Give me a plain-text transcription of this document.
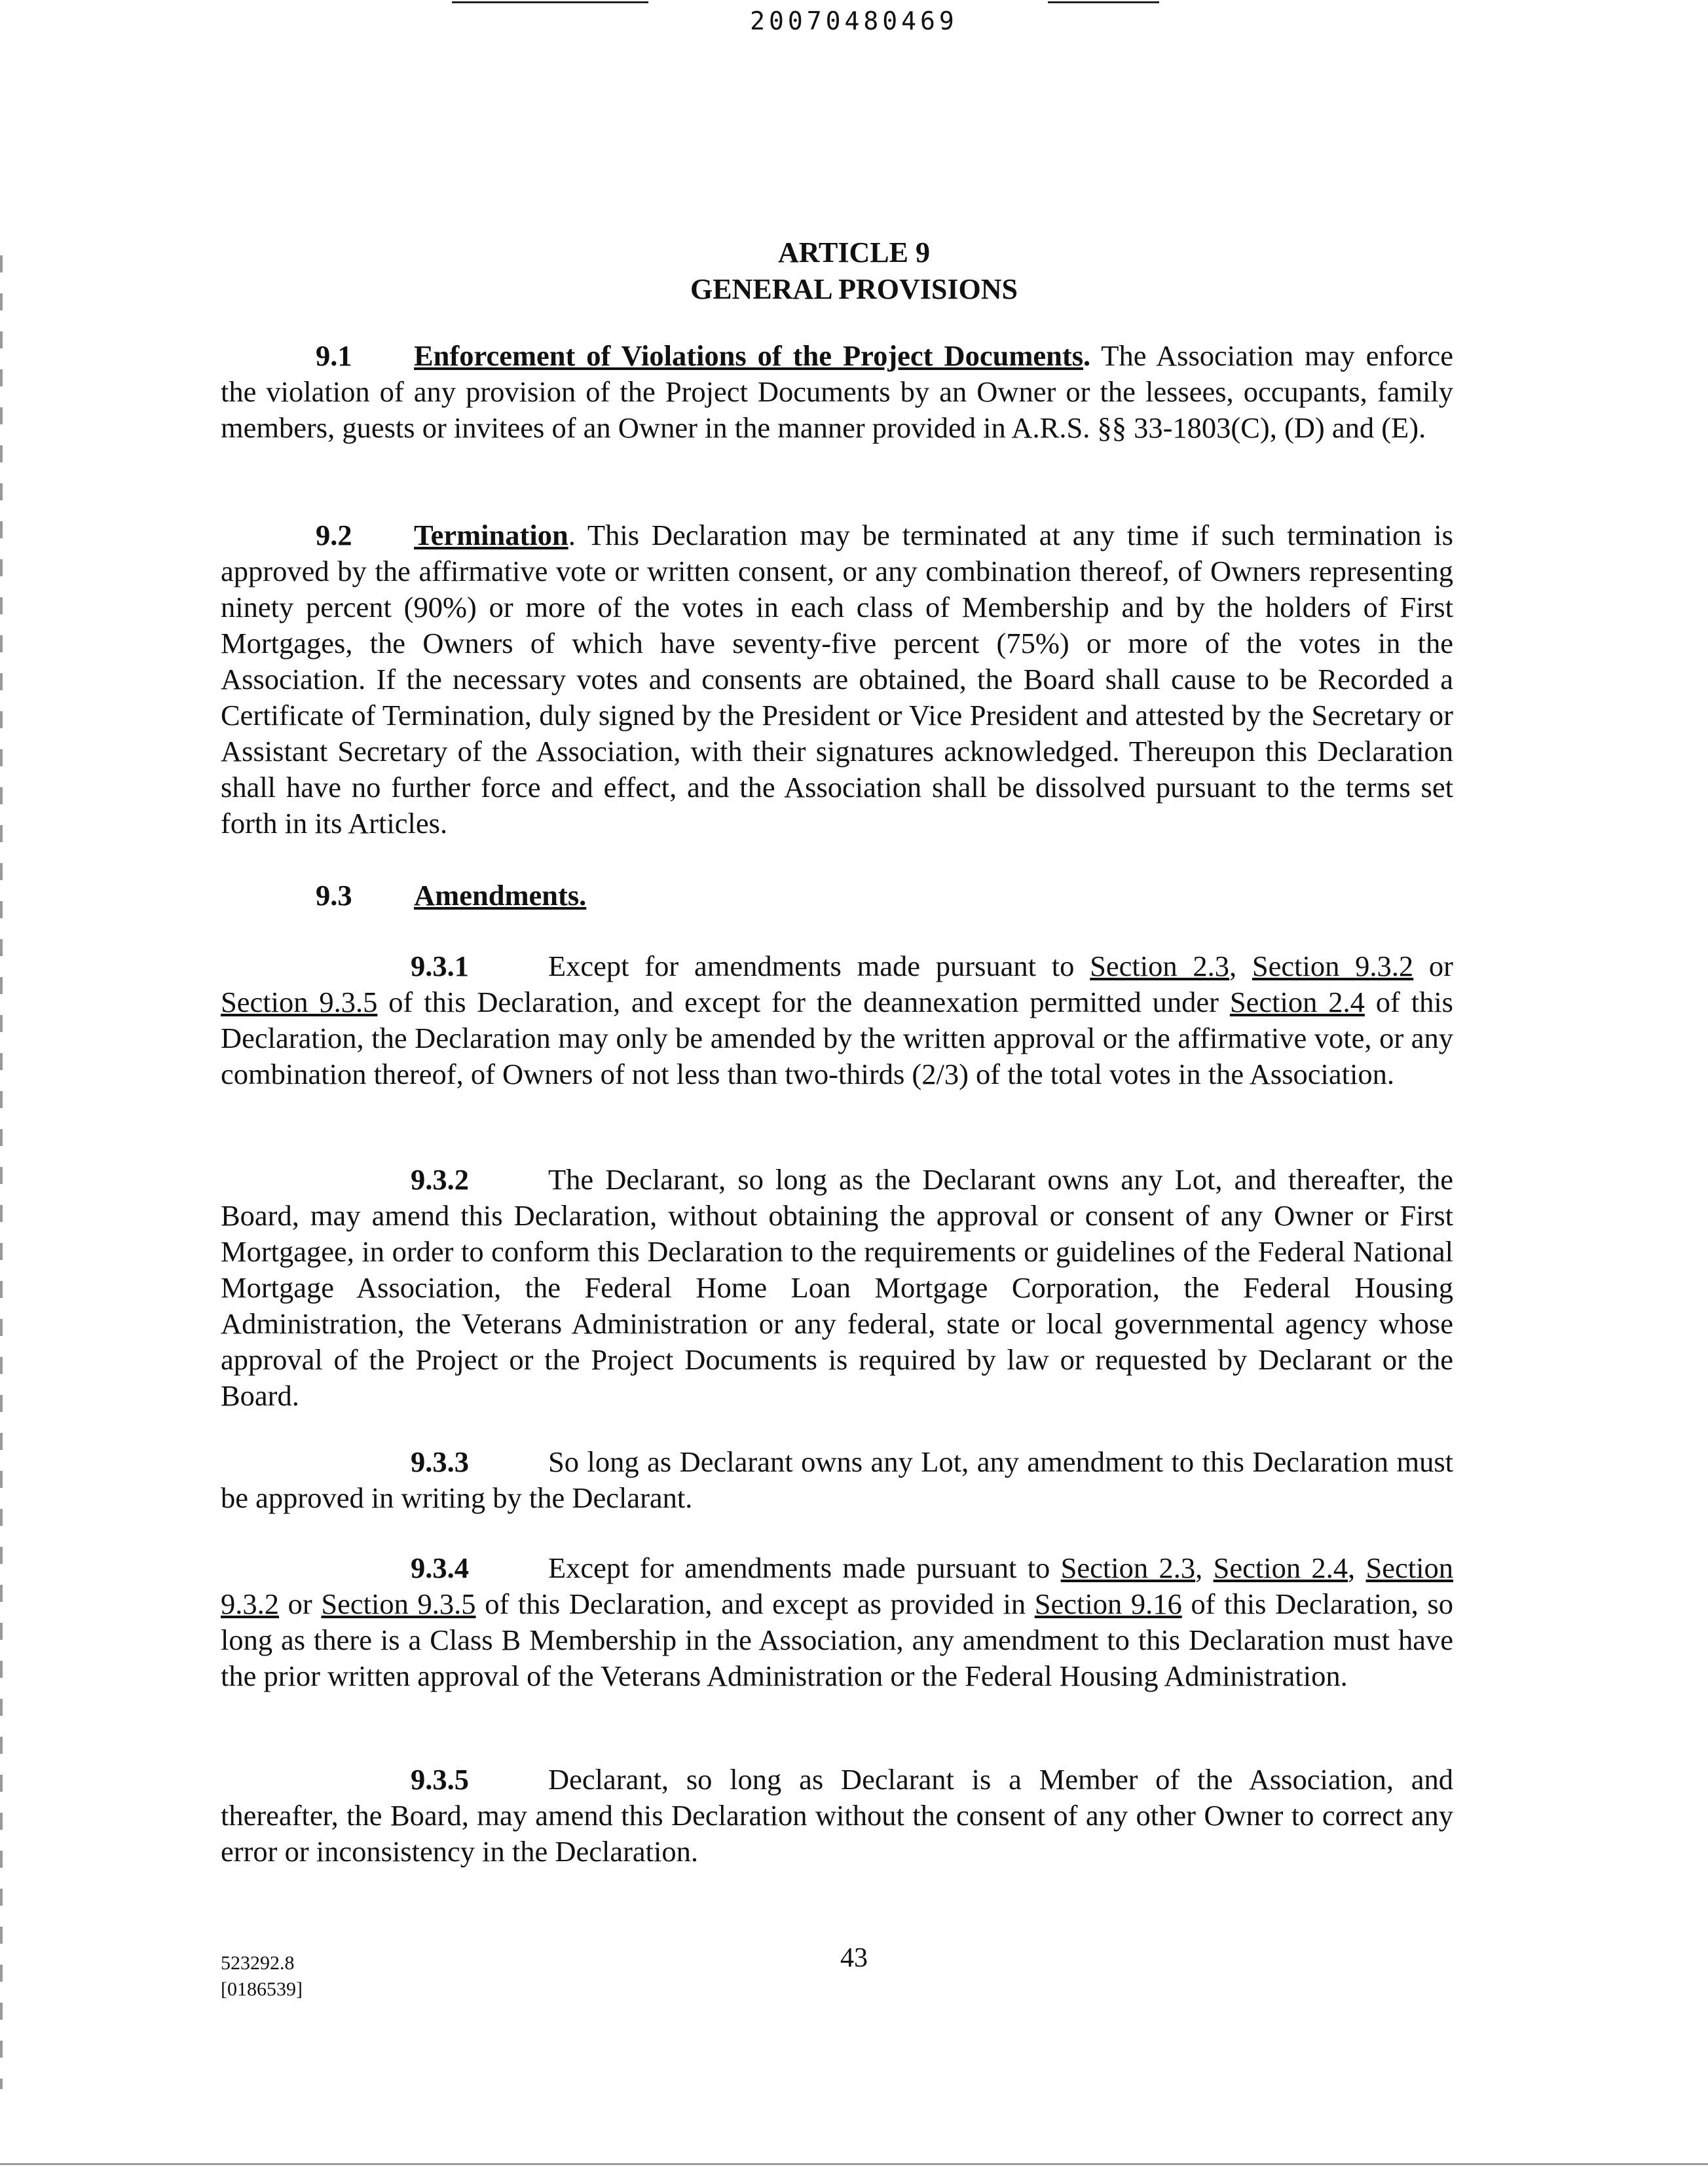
20070480469
ARTICLE 9
GENERAL PROVISIONS

9.1 Enforcement of Violations of the Project Documents. The Association may enforce the violation of any provision of the Project Documents by an Owner or the lessees, occupants, family members, guests or invitees of an Owner in the manner provided in A.R.S. §§ 33-1803(C), (D) and (E).

9.2 Termination. This Declaration may be terminated at any time if such termination is approved by the affirmative vote or written consent, or any combination thereof, of Owners representing ninety percent (90%) or more of the votes in each class of Membership and by the holders of First Mortgages, the Owners of which have seventy-five percent (75%) or more of the votes in the Association. If the necessary votes and consents are obtained, the Board shall cause to be Recorded a Certificate of Termination, duly signed by the President or Vice President and attested by the Secretary or Assistant Secretary of the Association, with their signatures acknowledged. Thereupon this Declaration shall have no further force and effect, and the Association shall be dissolved pursuant to the terms set forth in its Articles.

9.3 Amendments.

9.3.1	Except for amendments made pursuant to Section 2.3, Section 9.3.2 or Section 9.3.5 of this Declaration, and except for the deannexation permitted under Section 2.4 of this Declaration, the Declaration may only be amended by the written approval or the affirmative vote, or any combination thereof, of Owners of not less than two-thirds (2/3) of the total votes in the Association.

9.3.2	The Declarant, so long as the Declarant owns any Lot, and thereafter, the Board, may amend this Declaration, without obtaining the approval or consent of any Owner or First Mortgagee, in order to conform this Declaration to the requirements or guidelines of the Federal National Mortgage Association, the Federal Home Loan Mortgage Corporation, the Federal Housing Administration, the Veterans Administration or any federal, state or local governmental agency whose approval of the Project or the Project Documents is required by law or requested by Declarant or the Board.

9.3.3	So long as Declarant owns any Lot, any amendment to this Declaration must be approved in writing by the Declarant.

9.3.4	Except for amendments made pursuant to Section 2.3, Section 2.4, Section 9.3.2 or Section 9.3.5 of this Declaration, and except as provided in Section 9.16 of this Declaration, so long as there is a Class B Membership in the Association, any amendment to this Declaration must have the prior written approval of the Veterans Administration or the Federal Housing Administration.

9.3.5	Declarant, so long as Declarant is a Member of the Association, and thereafter, the Board, may amend this Declaration without the consent of any other Owner to correct any error or inconsistency in the Declaration.

523292.8
[0186539]
43
